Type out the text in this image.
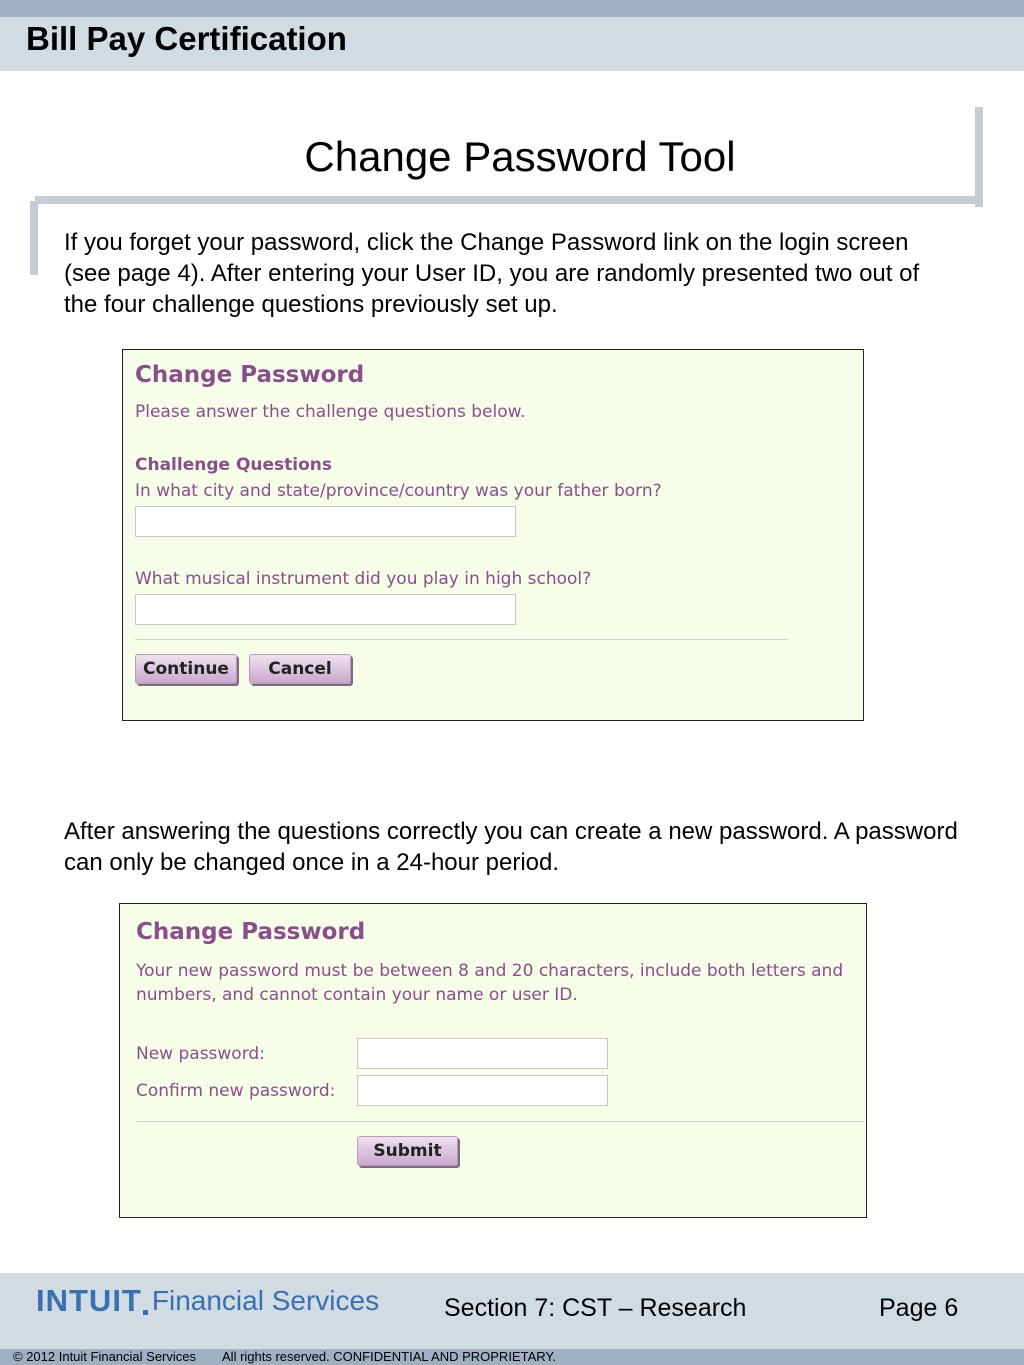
Bill Pay Certification
Change Password Tool
If you forget your password, click the Change Password link on the login screen (see page 4). After entering your User ID, you are randomly presented two out of the four challenge questions previously set up.
Change Password
Please answer the challenge questions below.
Challenge Questions
In what city and state/province/country was your father born?
What musical instrument did you play in high school?
Continue	Cancel
After answering the questions correctly you can create a new password. A password can only be changed once in a 24-hour period.
Change Password
Your new password must be between 8 and 20 characters, include both letters and
numbers, and cannot contain your name or user ID.
New password:
Confirm new password:
Submit
INTUIT Financial Services	Section 7: CST – Research	Page 6
© 2012 Intuit Financial Services All rights reserved. CONFIDENTIAL AND PROPRIETARY.
